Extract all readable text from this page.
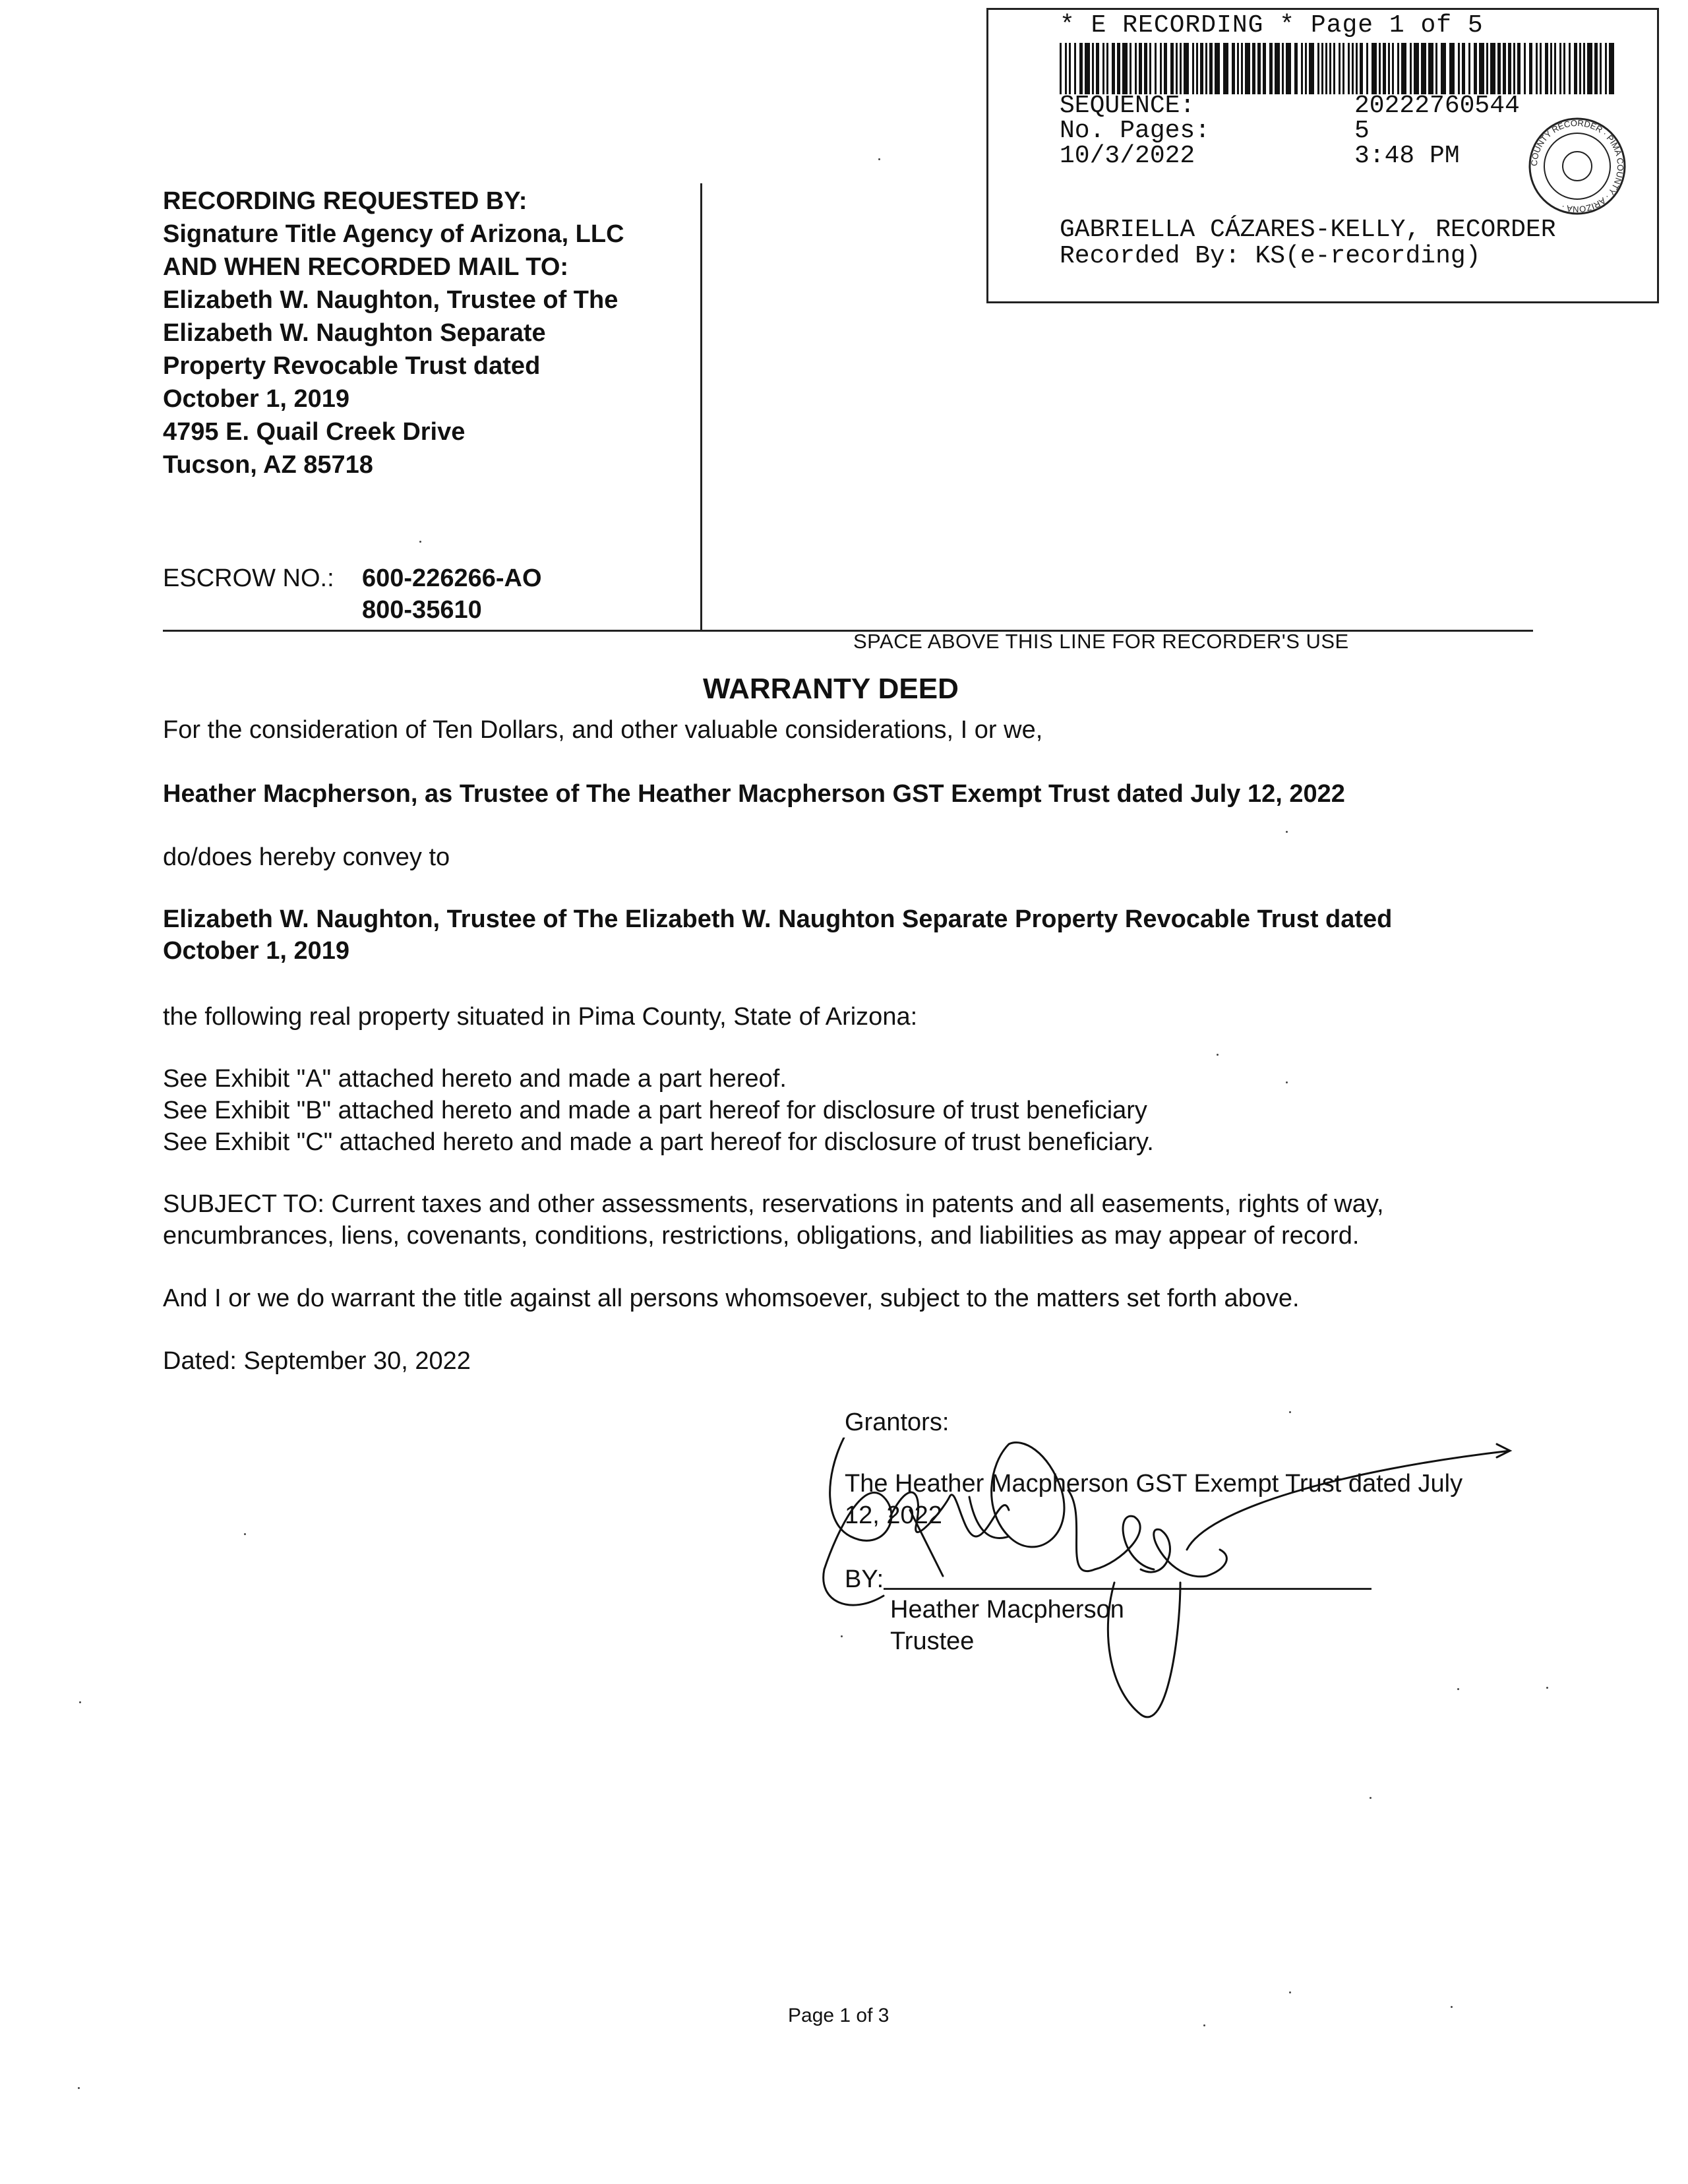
* E RECORDING * Page 1 of 5
SEQUENCE:	20222760544
No. Pages:	5
10/3/2022	3:48 PM	COUNTY RECORDER · PIMA COUNTY · ARIZONA ·
GABRIELLA CÁZARES-KELLY, RECORDER
Recorded By: KS(e-recording)
RECORDING REQUESTED BY:
Signature Title Agency of Arizona, LLC
AND WHEN RECORDED MAIL TO:
Elizabeth W. Naughton, Trustee of The
Elizabeth W. Naughton Separate
Property Revocable Trust dated
October 1, 2019
4795 E. Quail Creek Drive
Tucson, AZ 85718
ESCROW NO.: 600-226266-AO
800-35610
SPACE ABOVE THIS LINE FOR RECORDER'S USE
WARRANTY DEED
For the consideration of Ten Dollars, and other valuable considerations, I or we,
Heather Macpherson, as Trustee of The Heather Macpherson GST Exempt Trust dated July 12, 2022
do/does hereby convey to
Elizabeth W. Naughton, Trustee of The Elizabeth W. Naughton Separate Property Revocable Trust dated
October 1, 2019
the following real property situated in Pima County, State of Arizona:
See Exhibit "A" attached hereto and made a part hereof.
See Exhibit "B" attached hereto and made a part hereof for disclosure of trust beneficiary
See Exhibit "C" attached hereto and made a part hereof for disclosure of trust beneficiary.
SUBJECT TO: Current taxes and other assessments, reservations in patents and all easements, rights of way,
encumbrances, liens, covenants, conditions, restrictions, obligations, and liabilities as may appear of record.
And I or we do warrant the title against all persons whomsoever, subject to the matters set forth above.
Dated: September 30, 2022
Grantors:
The Heather Macpherson GST Exempt Trust dated July
12, 2022
BY:
Heather Macpherson
Trustee
Page 1 of 3
